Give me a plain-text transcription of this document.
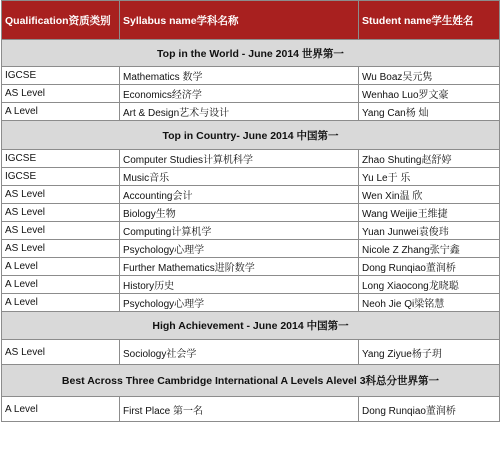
Qualification资质类别	Syllabus name学科名称	Student name学生姓名
Top in the World - June 2014 世界第一		
IGCSE	Mathematics 数学	Wu Boaz吴元隽
AS Level	Economics经济学	Wenhao Luo罗文豪
A Level	Art & Design艺术与设计	Yang Can杨 灿
Top in Country- June 2014 中国第一		
IGCSE	Computer Studies计算机科学	Zhao Shuting赵舒婷
IGCSE	Music音乐	Yu Le于 乐
AS Level	Accounting会计	Wen Xin温 欣
AS Level	Biology生物	Wang Weijie王维捷
AS Level	Computing计算机学	Yuan Junwei袁俊玮
AS Level	Psychology心理学	Nicole Z Zhang张宁鑫
A Level	Further Mathematics进阶数学	Dong Runqiao董润桥
A Level	History历史	Long Xiaocong龙晓聪
A Level	Psychology心理学	Neoh Jie Qi梁铭慧
High Achievement - June 2014 中国第一		
AS Level	Sociology社会学	Yang Ziyue杨子玥
Best Across Three Cambridge International A Levels Alevel 3科总分世界第一		
A Level	First Place 第一名	Dong Runqiao董润桥
